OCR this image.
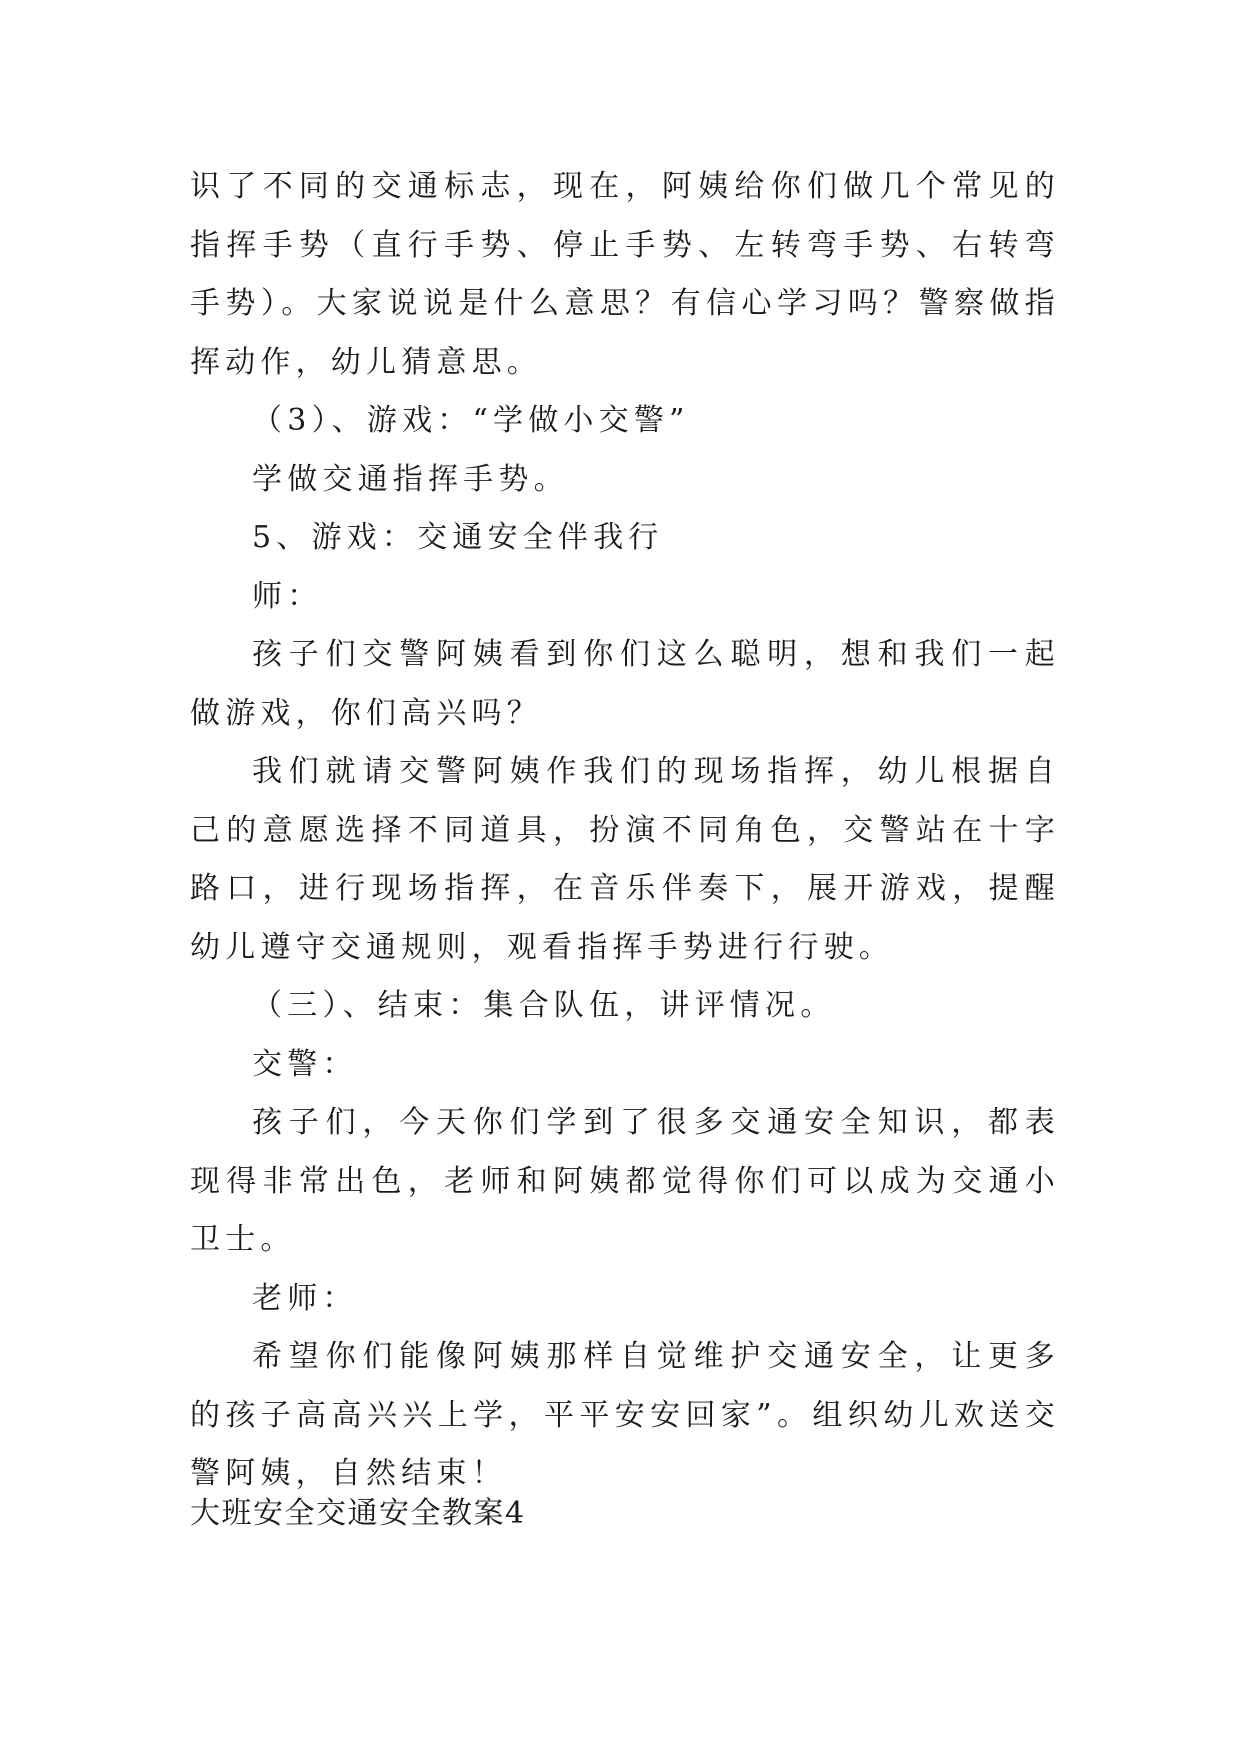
识了不同的交通标志，现在，阿姨给你们做几个常见的指挥手势（直行手势、停止手势、左转弯手势、右转弯手势）。大家说说是什么意思？有信心学习吗？警察做指挥动作，幼儿猜意思。

（3）、游戏：“学做小交警”

学做交通指挥手势。

5、游戏：交通安全伴我行

师：

孩子们交警阿姨看到你们这么聪明，想和我们一起做游戏，你们高兴吗？

我们就请交警阿姨作我们的现场指挥，幼儿根据自己的意愿选择不同道具，扮演不同角色，交警站在十字路口，进行现场指挥，在音乐伴奏下，展开游戏，提醒幼儿遵守交通规则，观看指挥手势进行行驶。

（三）、结束：集合队伍，讲评情况。

交警：

孩子们，今天你们学到了很多交通安全知识，都表现得非常出色，老师和阿姨都觉得你们可以成为交通小卫士。

老师：

希望你们能像阿姨那样自觉维护交通安全，让更多的孩子高高兴兴上学，平平安安回家”。组织幼儿欢送交警阿姨，自然结束！

大班安全交通安全教案4
